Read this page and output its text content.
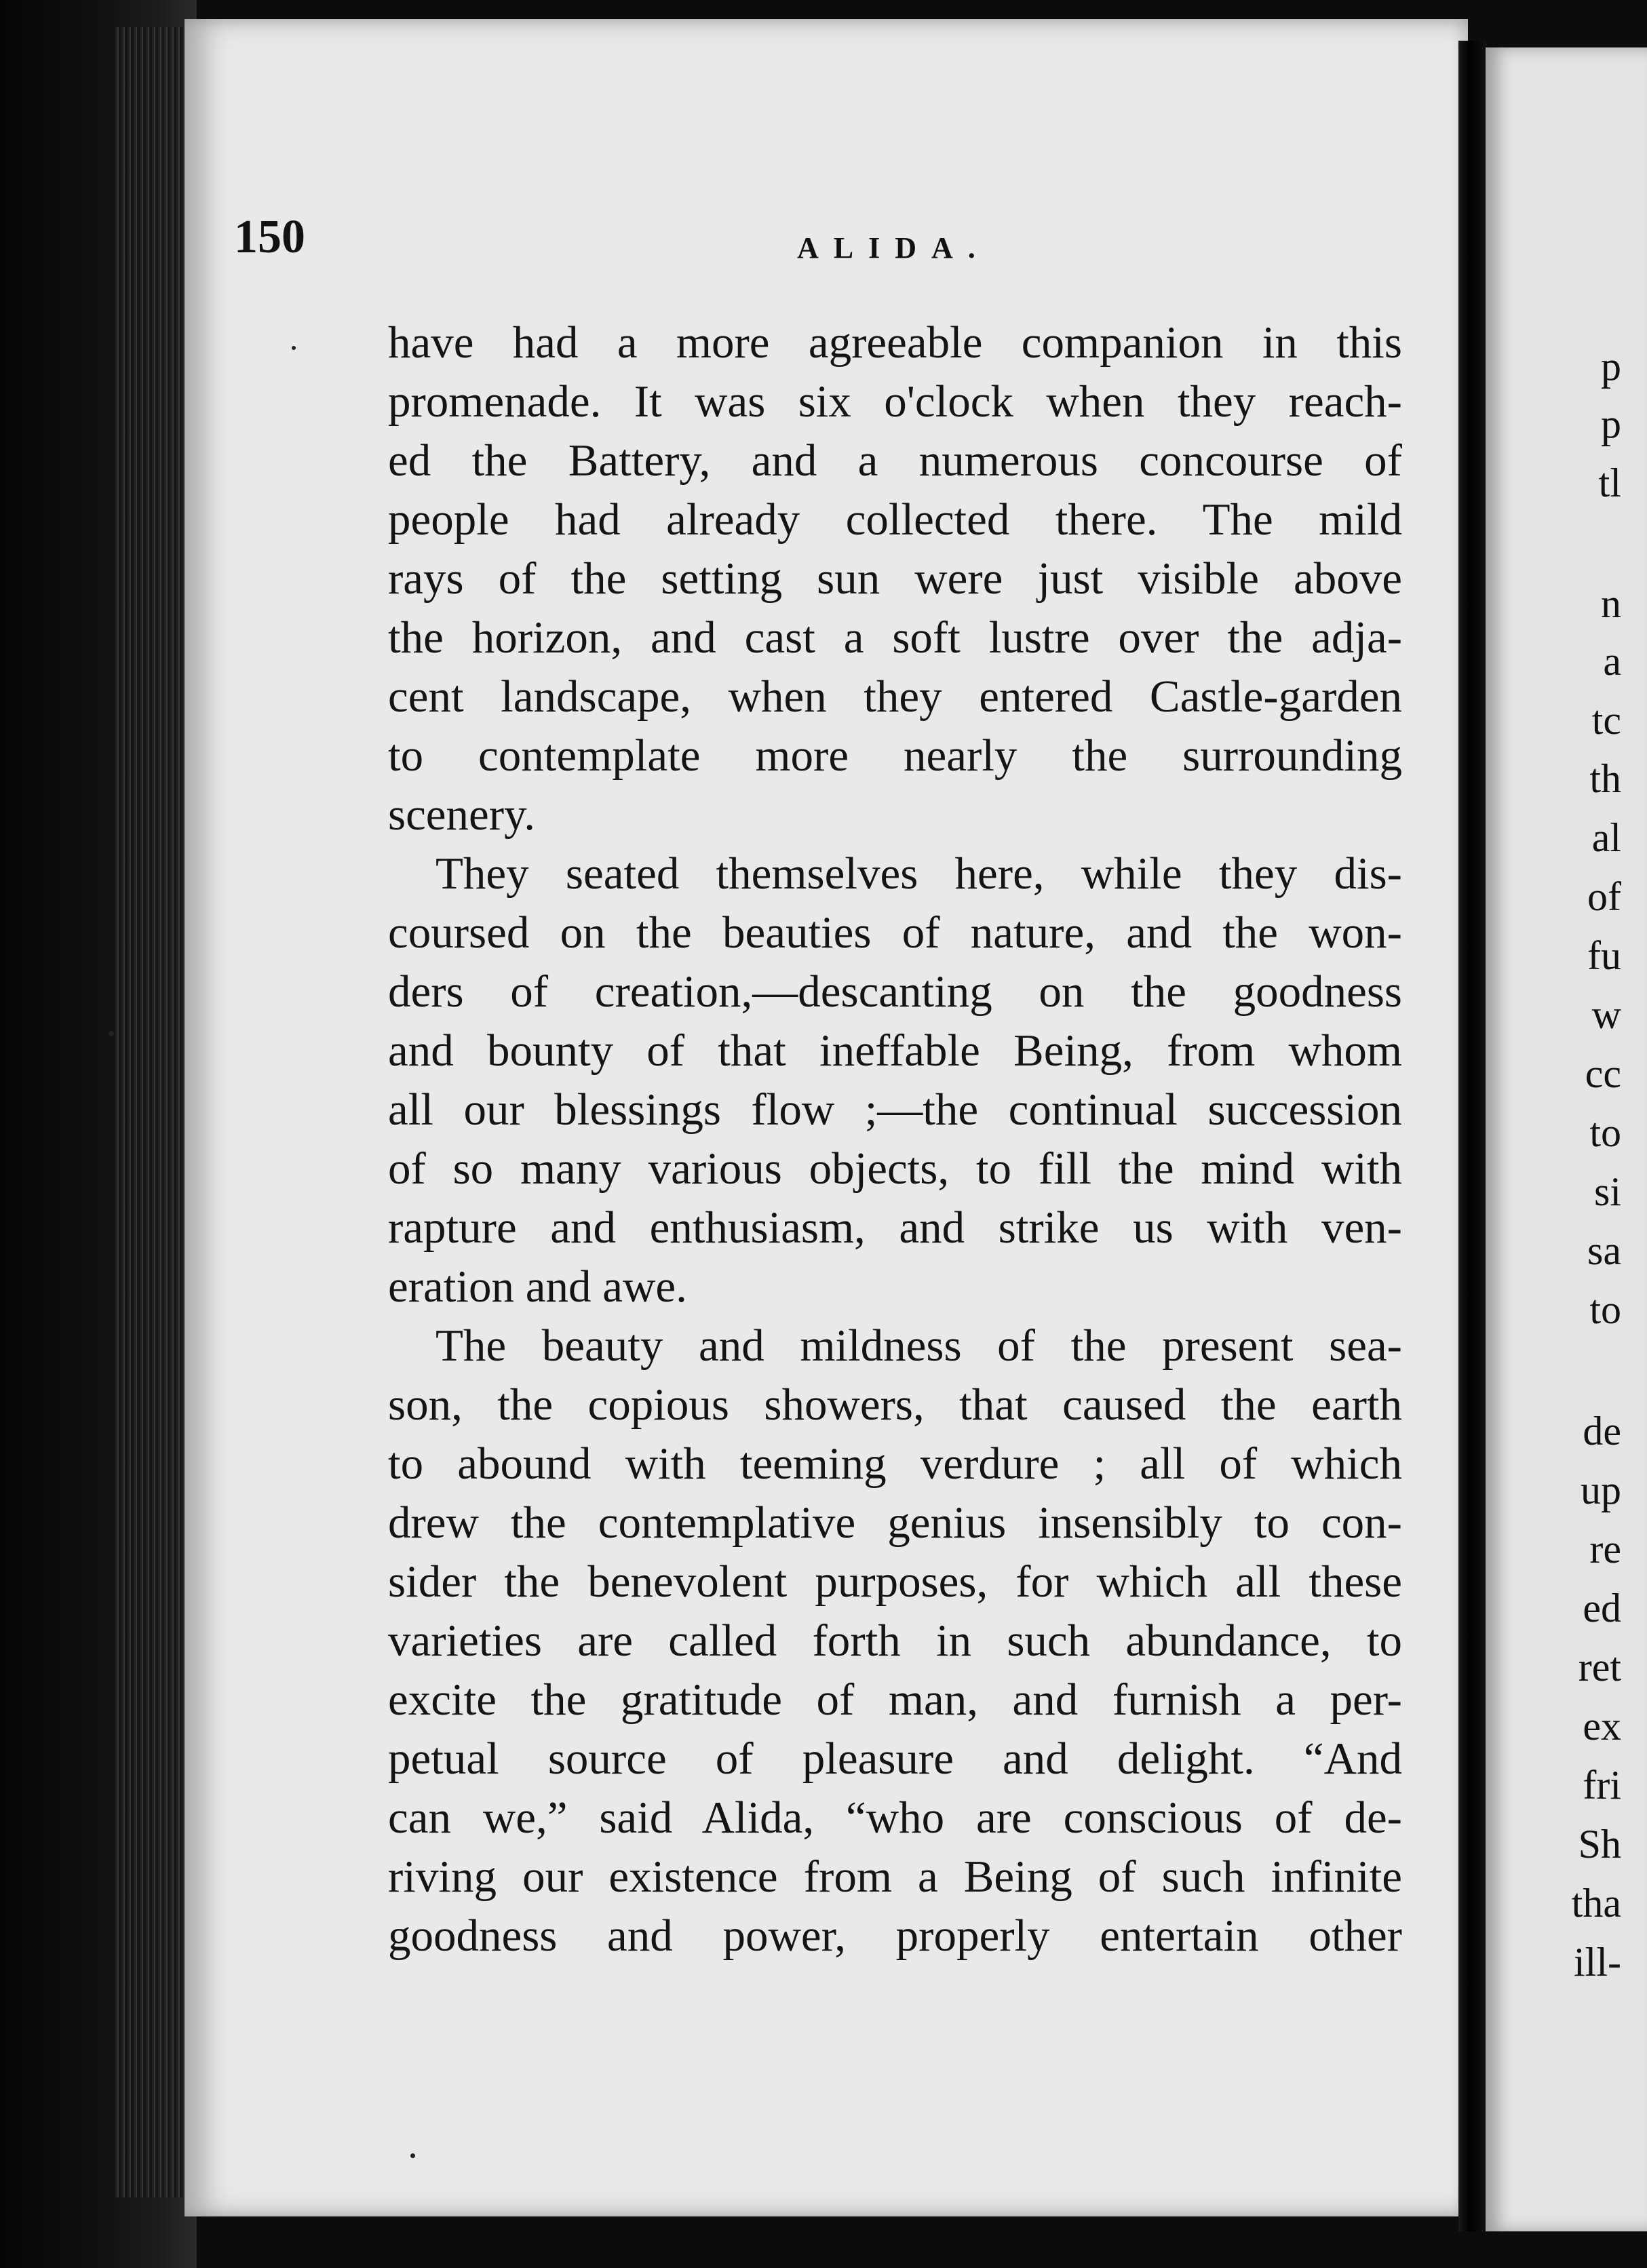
150	ALIDA.
have had a more agreeable companion in this
promenade. It was six o'clock when they reach-
ed the Battery, and a numerous concourse of
people had already collected there. The mild
rays of the setting sun were just visible above
the horizon, and cast a soft lustre over the adja-
cent landscape, when they entered Castle-garden
to contemplate more nearly the surrounding
scenery.
They seated themselves here, while they dis-
coursed on the beauties of nature, and the won-
ders of creation,—descanting on the goodness
and bounty of that ineffable Being, from whom
all our blessings flow ;—the continual succession
of so many various objects, to fill the mind with
rapture and enthusiasm, and strike us with ven-
eration and awe.
The beauty and mildness of the present sea-
son, the copious showers, that caused the earth
to abound with teeming verdure ; all of which
drew the contemplative genius insensibly to con-
sider the benevolent purposes, for which all these
varieties are called forth in such abundance, to
excite the gratitude of man, and furnish a per-
petual source of pleasure and delight. “And
can we,” said Alida, “who are conscious of de-
riving our existence from a Being of such infinite
goodness and power, properly entertain other
p
p
tl
n
a
tc
th
al
of
fu
w
cc
to
si
sa
to
de
up
re
ed
ret
ex
fri
Sh
tha
ill-
